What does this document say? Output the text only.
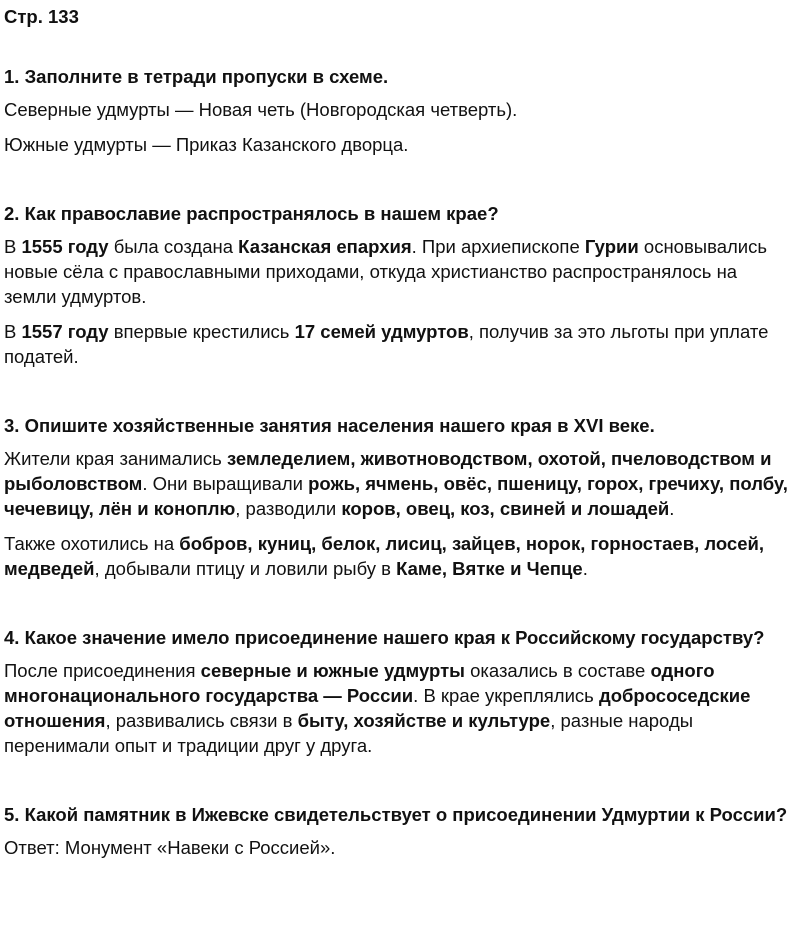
Стр. 133
1. Заполните в тетради пропуски в схеме.
Северные удмурты — Новая четь (Новгородская четверть).
Южные удмурты — Приказ Казанского дворца.
2. Как православие распространялось в нашем крае?
В 1555 году была создана Казанская епархия. При архиепископе Гурии основывались новые сёла с православными приходами, откуда христианство распространялось на земли удмуртов.
В 1557 году впервые крестились 17 семей удмуртов, получив за это льготы при уплате податей.
3. Опишите хозяйственные занятия населения нашего края в XVI веке.
Жители края занимались земледелием, животноводством, охотой, пчеловодством и рыболовством. Они выращивали рожь, ячмень, овёс, пшеницу, горох, гречиху, полбу, чечевицу, лён и коноплю, разводили коров, овец, коз, свиней и лошадей.
Также охотились на бобров, куниц, белок, лисиц, зайцев, норок, горностаев, лосей, медведей, добывали птицу и ловили рыбу в Каме, Вятке и Чепце.
4. Какое значение имело присоединение нашего края к Российскому государству?
После присоединения северные и южные удмурты оказались в составе одного многонационального государства — России. В крае укреплялись добрососедские отношения, развивались связи в быту, хозяйстве и культуре, разные народы перенимали опыт и традиции друг у друга.
5. Какой памятник в Ижевске свидетельствует о присоединении Удмуртии к России?
Ответ: Монумент «Навеки с Россией».
